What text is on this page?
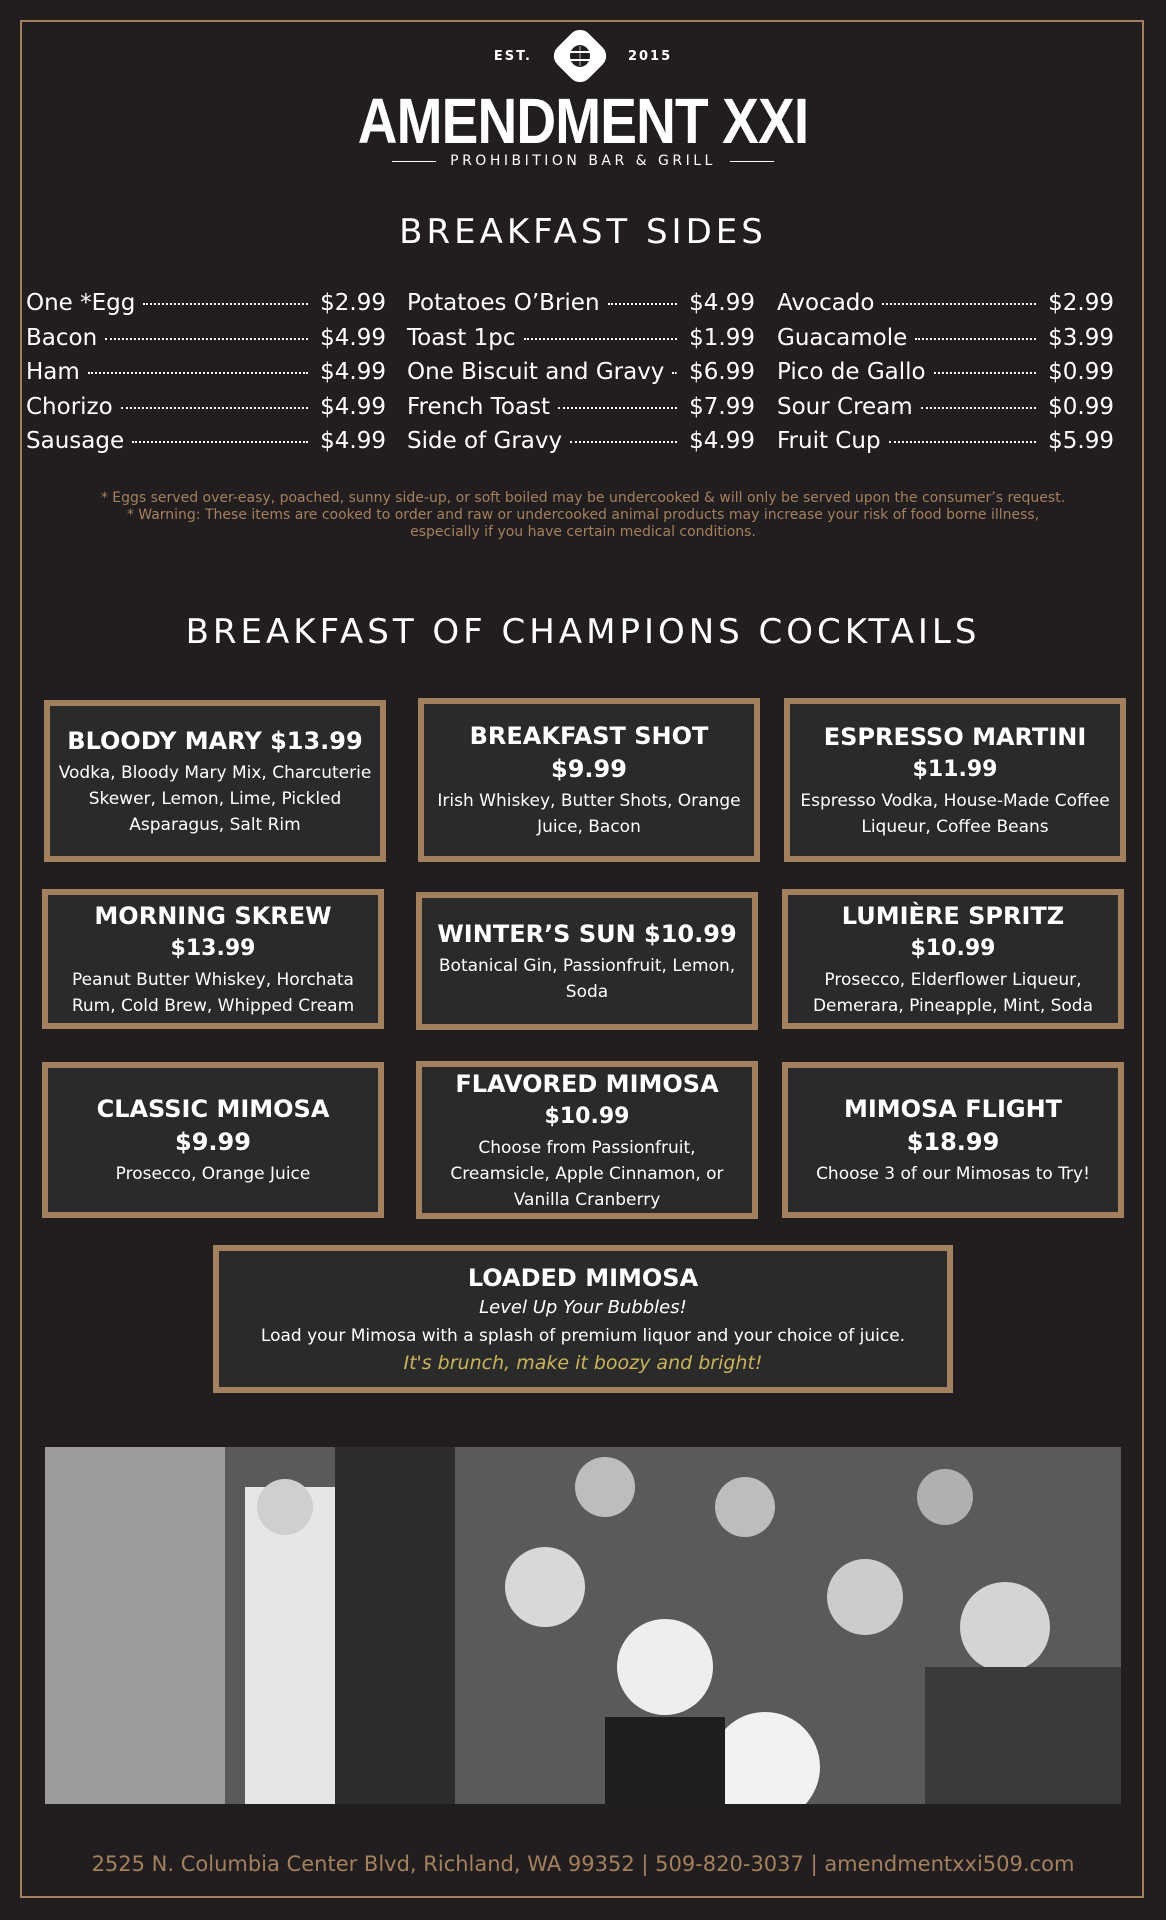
EST.	2015
AMENDMENT XXI
PROHIBITION BAR & GRILL
BREAKFAST SIDES
One *Egg	$2.99
Bacon	$4.99
Ham	$4.99
Chorizo	$4.99
Sausage	$4.99
Potatoes O’Brien	$4.99
Toast 1pc	$1.99
One Biscuit and Gravy $6.99
French Toast	$7.99
Side of Gravy	$4.99
Avocado	$2.99
Guacamole	$3.99
Pico de Gallo	$0.99
Sour Cream	$0.99
Fruit Cup	$5.99
* Eggs served over-easy, poached, sunny side-up, or soft boiled may be undercooked & will only be served upon the consumer’s request.
* Warning: These items are cooked to order and raw or undercooked animal products may increase your risk of food borne illness,
especially if you have certain medical conditions.
BREAKFAST OF CHAMPIONS COCKTAILS
BLOODY MARY $13.99
Vodka, Bloody Mary Mix, Charcuterie Skewer, Lemon, Lime, Pickled Asparagus, Salt Rim
BREAKFAST SHOT $9.99
Irish Whiskey, Butter Shots, Orange Juice, Bacon
ESPRESSO MARTINI
$11.99
Espresso Vodka, House-Made Coffee Liqueur, Coffee Beans
MORNING SKREW
$13.99
Peanut Butter Whiskey, Horchata Rum, Cold Brew, Whipped Cream
WINTER’S SUN $10.99
Botanical Gin, Passionfruit, Lemon, Soda
LUMIÈRE SPRITZ
$10.99
Prosecco, Elderflower Liqueur, Demerara, Pineapple, Mint, Soda
CLASSIC MIMOSA $9.99
Prosecco, Orange Juice
FLAVORED MIMOSA
$10.99
Choose from Passionfruit, Creamsicle, Apple Cinnamon, or Vanilla Cranberry
MIMOSA FLIGHT $18.99
Choose 3 of our Mimosas to Try!
LOADED MIMOSA
Level Up Your Bubbles!
Load your Mimosa with a splash of premium liquor and your choice of juice.
It's brunch, make it boozy and bright!
2525 N. Columbia Center Blvd, Richland, WA 99352 | 509-820-3037 | amendmentxxi509.com
